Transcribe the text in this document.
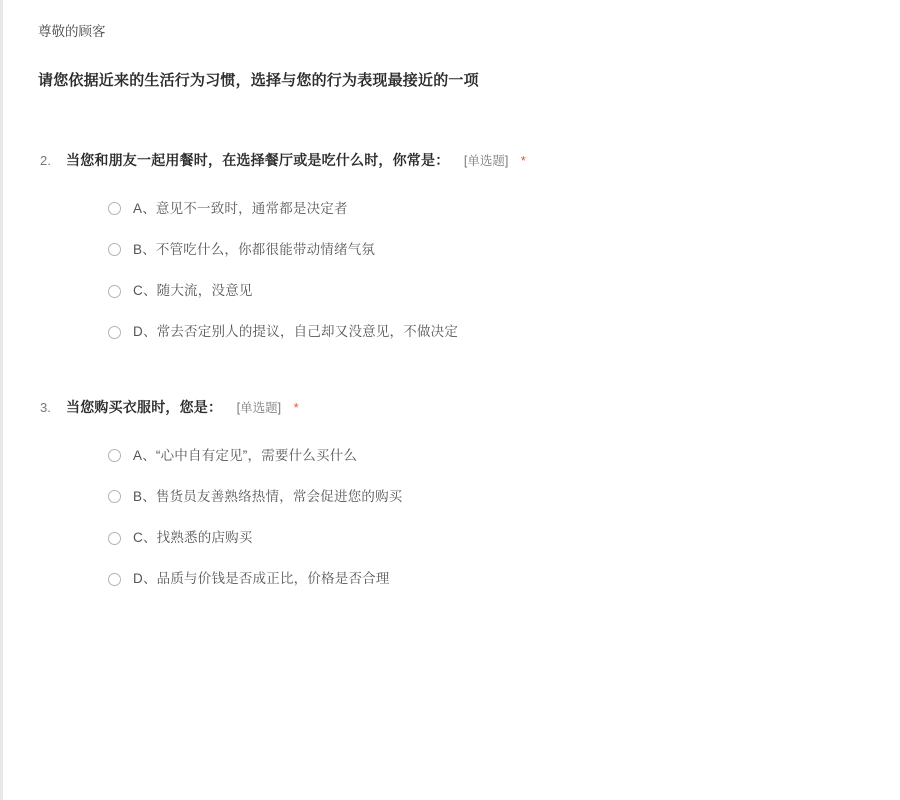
尊敬的顾客
请您依据近来的生活行为习惯，选择与您的行为表现最接近的一项
2.	当您和朋友一起用餐时，在选择餐厅或是吃什么时，你常是： [单选题] *
A、意见不一致时，通常都是决定者
B、不管吃什么，你都很能带动情绪气氛
C、随大流，没意见
D、常去否定别人的提议，自己却又没意见，不做决定
3.	当您购买衣服时，您是： [单选题] *
A、“心中自有定见”，需要什么买什么
B、售货员友善熟络热情，常会促进您的购买
C、找熟悉的店购买
D、品质与价钱是否成正比，价格是否合理
